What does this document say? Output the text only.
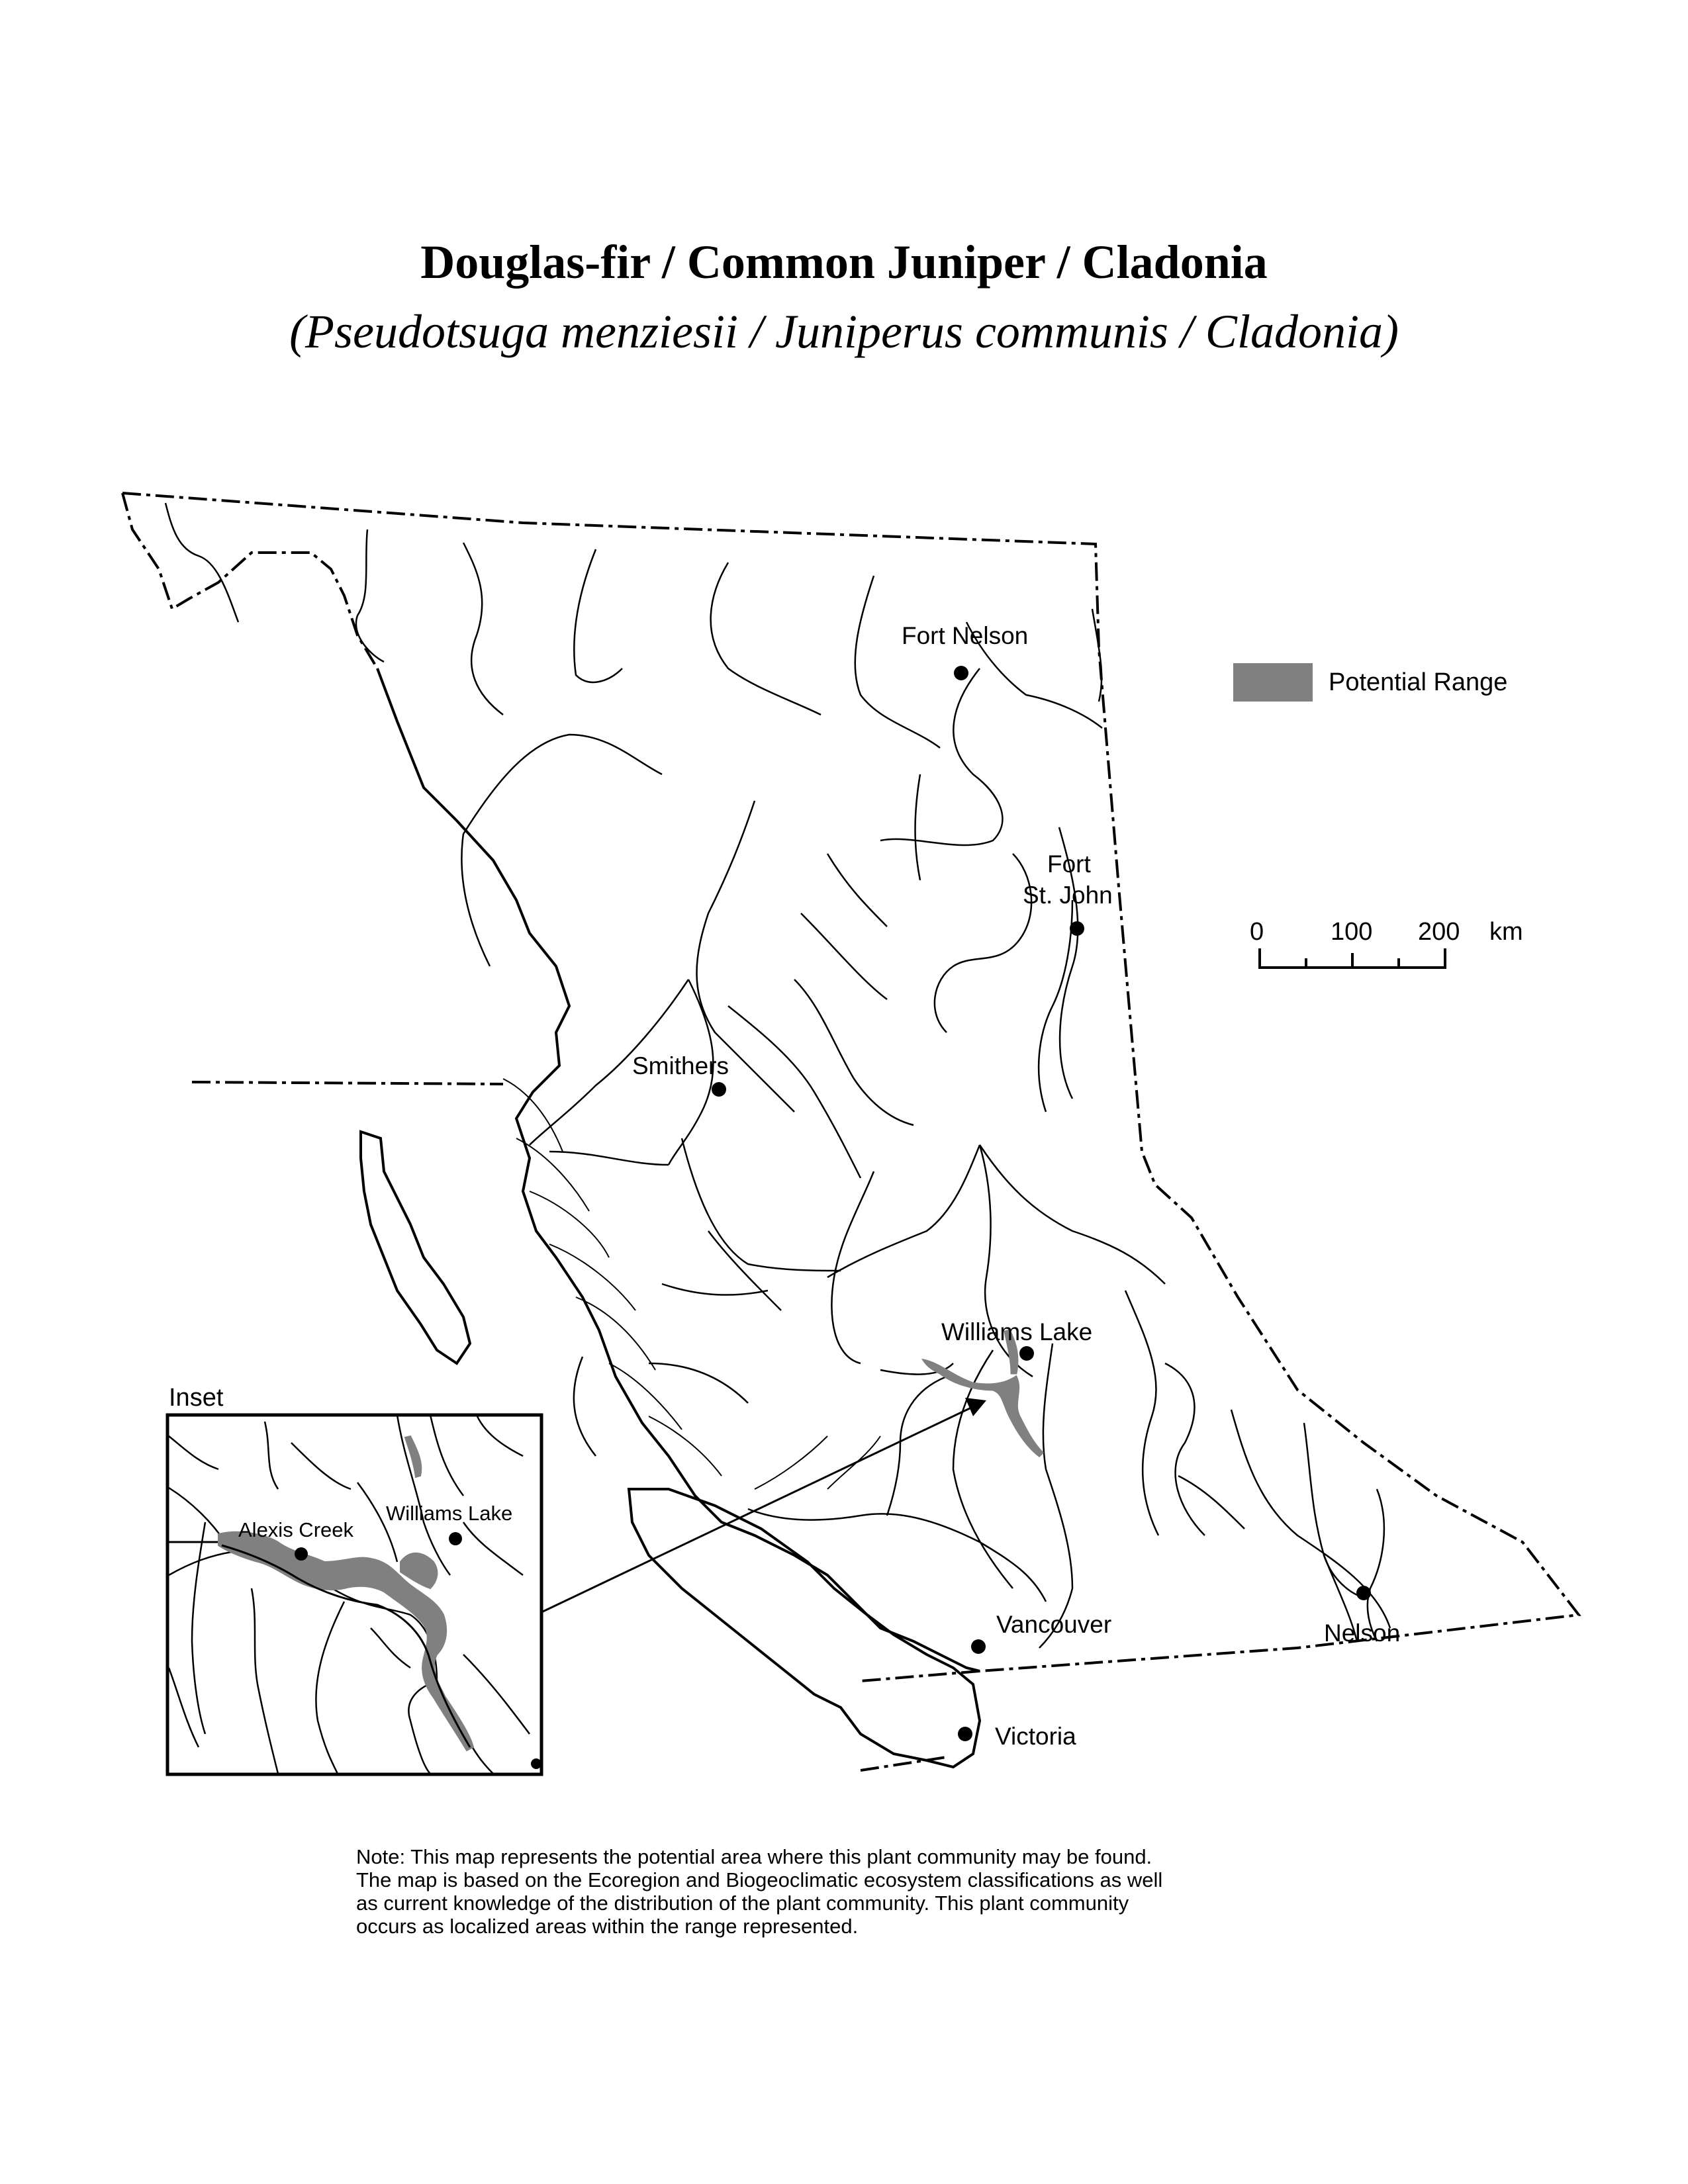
Douglas-fir / Common Juniper / Cladonia
(Pseudotsuga menziesii / Juniperus communis / Cladonia)
Potential Range
0	100 200 km
Fort Nelson
Fort
St. John
Smithers
Williams Lake
Vancouver
Victoria
Nelson
Inset
Alexis Creek
Williams Lake
Note: This map represents the potential area where this plant community may be found.
The map is based on the Ecoregion and Biogeoclimatic ecosystem classifications as well
as current knowledge of the distribution of the plant community. This plant community
occurs as localized areas within the range represented.
